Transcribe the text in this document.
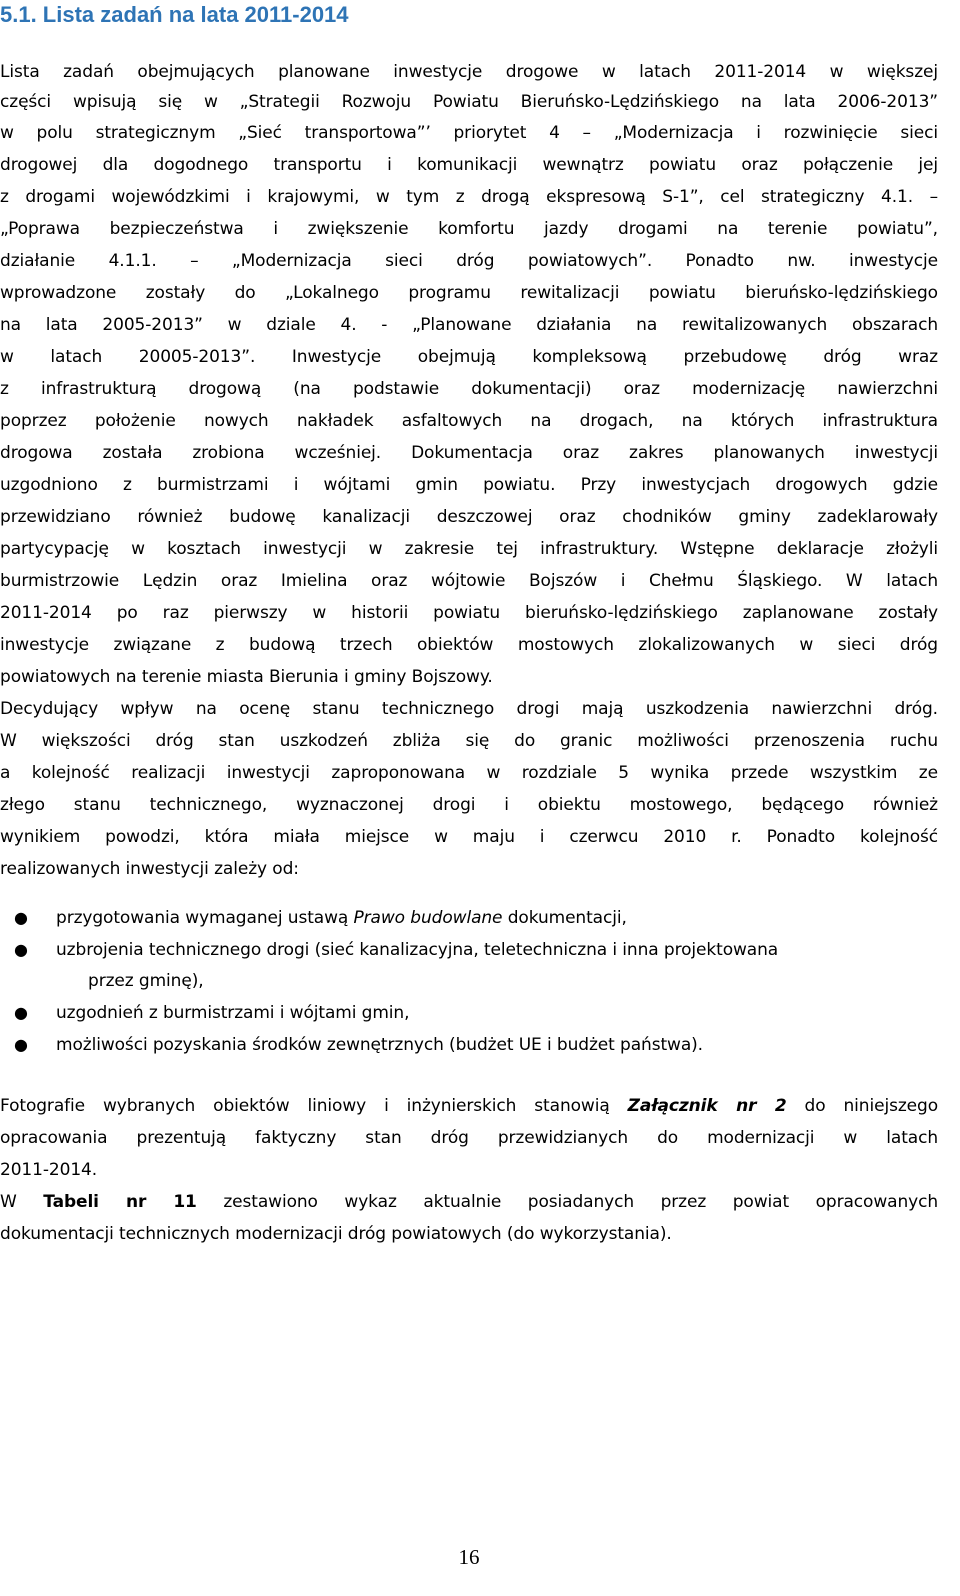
5.1. Lista zadań na lata 2011-2014
Lista zadań obejmujących planowane inwestycje drogowe w latach 2011-2014 w większej
części wpisują się w „Strategii Rozwoju Powiatu Bieruńsko-Lędzińskiego na lata 2006-2013”
w polu strategicznym „Sieć transportowa”’ priorytet 4 – „Modernizacja i rozwinięcie sieci
drogowej dla dogodnego transportu i komunikacji wewnątrz powiatu oraz połączenie jej
z drogami wojewódzkimi i krajowymi, w tym z drogą ekspresową S-1”, cel strategiczny 4.1. –
„Poprawa bezpieczeństwa i zwiększenie komfortu jazdy drogami na terenie powiatu”,
działanie 4.1.1. – „Modernizacja sieci dróg powiatowych”. Ponadto nw. inwestycje
wprowadzone zostały do „Lokalnego programu rewitalizacji powiatu bieruńsko-lędzińskiego
na lata 2005-2013” w dziale 4. - „Planowane działania na rewitalizowanych obszarach
w latach 20005-2013”. Inwestycje obejmują kompleksową przebudowę dróg wraz
z infrastrukturą drogową (na podstawie dokumentacji) oraz modernizację nawierzchni
poprzez położenie nowych nakładek asfaltowych na drogach, na których infrastruktura
drogowa została zrobiona wcześniej. Dokumentacja oraz zakres planowanych inwestycji
uzgodniono z burmistrzami i wójtami gmin powiatu. Przy inwestycjach drogowych gdzie
przewidziano również budowę kanalizacji deszczowej oraz chodników gminy zadeklarowały
partycypację w kosztach inwestycji w zakresie tej infrastruktury. Wstępne deklaracje złożyli
burmistrzowie Lędzin oraz Imielina oraz wójtowie Bojszów i Chełmu Śląskiego. W latach
2011-2014 po raz pierwszy w historii powiatu bieruńsko-lędzińskiego zaplanowane zostały
inwestycje związane z budową trzech obiektów mostowych zlokalizowanych w sieci dróg
powiatowych na terenie miasta Bierunia i gminy Bojszowy.
Decydujący wpływ na ocenę stanu technicznego drogi mają uszkodzenia nawierzchni dróg.
W większości dróg stan uszkodzeń zbliża się do granic możliwości przenoszenia ruchu
a kolejność realizacji inwestycji zaproponowana w rozdziale 5 wynika przede wszystkim ze
złego stanu technicznego, wyznaczonej drogi i obiektu mostowego, będącego również
wynikiem powodzi, która miała miejsce w maju i czerwcu 2010 r. Ponadto kolejność
realizowanych inwestycji zależy od:
● przygotowania wymaganej ustawą Prawo budowlane dokumentacji,
● uzbrojenia technicznego drogi (sieć kanalizacyjna, teletechniczna i inna projektowana
przez gminę),
● uzgodnień z burmistrzami i wójtami gmin,
● możliwości pozyskania środków zewnętrznych (budżet UE i budżet państwa).
Fotografie wybranych obiektów liniowy i inżynierskich stanowią Załącznik nr 2 do niniejszego
opracowania prezentują faktyczny stan dróg przewidzianych do modernizacji w latach
2011-2014.
W Tabeli nr 11 zestawiono wykaz aktualnie posiadanych przez powiat opracowanych
dokumentacji technicznych modernizacji dróg powiatowych (do wykorzystania).
16
